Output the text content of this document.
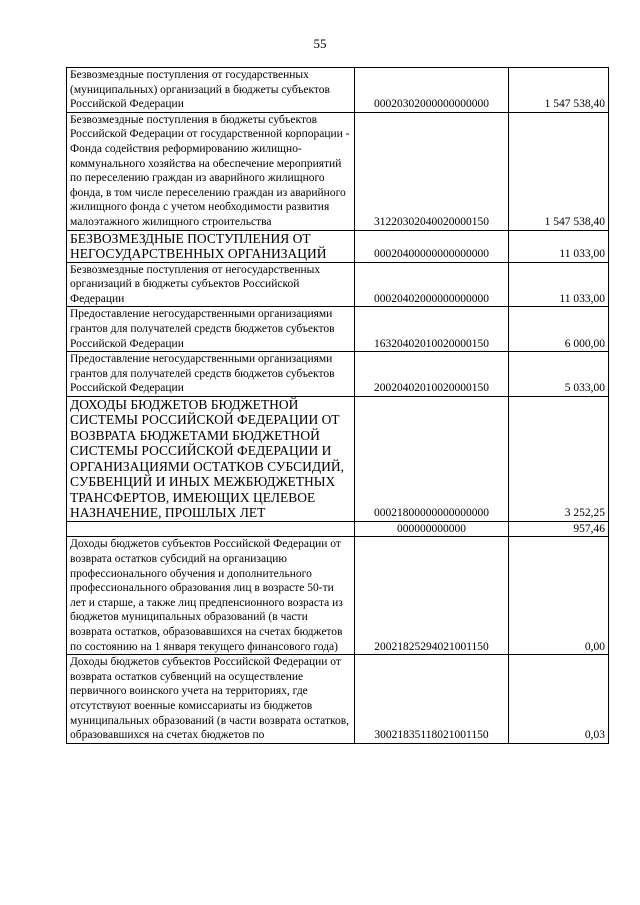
55
Безвозмездные поступления от государственных (муниципальных) организаций в бюджеты субъектов Российской Федерации	00020302000000000000	1 547 538,40
Безвозмездные поступления в бюджеты субъектов Российской Федерации от государственной корпорации - Фонда содействия реформированию жилищно-коммунального хозяйства на обеспечение мероприятий по переселению граждан из аварийного жилищного фонда, в том числе переселению граждан из аварийного жилищного фонда с учетом необходимости развития малоэтажного жилищного строительства	31220302040020000150	1 547 538,40
БЕЗВОЗМЕЗДНЫЕ ПОСТУПЛЕНИЯ ОТ НЕГОСУДАРСТВЕННЫХ ОРГАНИЗАЦИЙ	00020400000000000000	11 033,00
Безвозмездные поступления от негосударственных организаций в бюджеты субъектов Российской Федерации	00020402000000000000	11 033,00
Предоставление негосударственными организациями грантов для получателей средств бюджетов субъектов Российской Федерации	16320402010020000150	6 000,00
Предоставление негосударственными организациями грантов для получателей средств бюджетов субъектов Российской Федерации	20020402010020000150	5 033,00
ДОХОДЫ БЮДЖЕТОВ БЮДЖЕТНОЙ СИСТЕМЫ РОССИЙСКОЙ ФЕДЕРАЦИИ ОТ ВОЗВРАТА БЮДЖЕТАМИ БЮДЖЕТНОЙ СИСТЕМЫ РОССИЙСКОЙ ФЕДЕРАЦИИ И ОРГАНИЗАЦИЯМИ ОСТАТКОВ СУБСИДИЙ, СУБВЕНЦИЙ И ИНЫХ МЕЖБЮДЖЕТНЫХ ТРАНСФЕРТОВ, ИМЕЮЩИХ ЦЕЛЕВОЕ НАЗНАЧЕНИЕ, ПРОШЛЫХ ЛЕТ	00021800000000000000	3 252,25
	000000000000	957,46
Доходы бюджетов субъектов Российской Федерации от возврата остатков субсидий на организацию профессионального обучения и дополнительного профессионального образования лиц в возрасте 50-ти лет и старше, а также лиц предпенсионного возраста из бюджетов муниципальных образований (в части возврата остатков, образовавшихся на счетах бюджетов по состоянию на 1 января текущего финансового года)	20021825294021001150	0,00
Доходы бюджетов субъектов Российской Федерации от возврата остатков субвенций на осуществление первичного воинского учета на территориях, где отсутствуют военные комиссариаты из бюджетов муниципальных образований (в части возврата остатков, образовавшихся на счетах бюджетов по	30021835118021001150	0,03
